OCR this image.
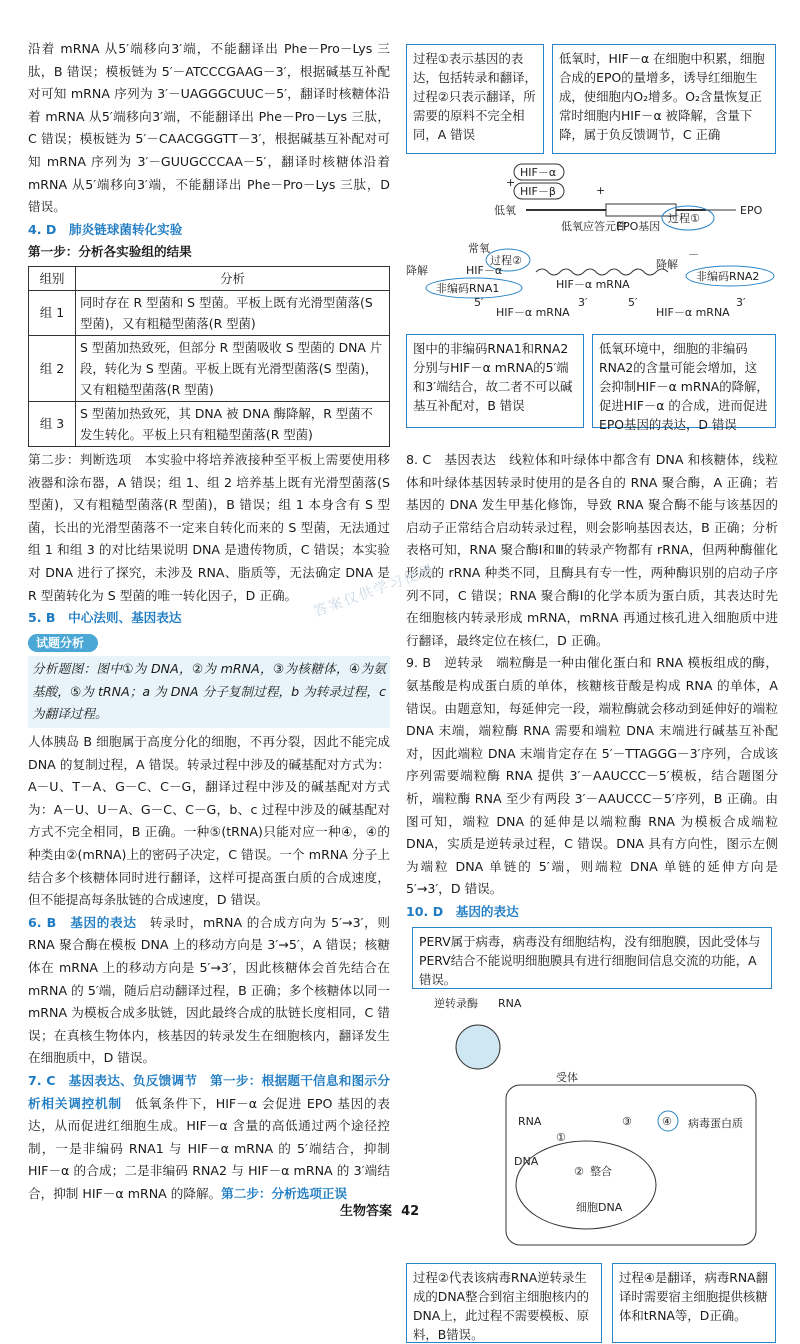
沿着 mRNA 从5′端移向3′端，不能翻译出 Phe－Pro－Lys 三肽，B 错误；模板链为 5′－ATCCCGAAG－3′，根据碱基互补配对可知 mRNA 序列为 3′－UAGGGCUUC－5′，翻译时核糖体沿着 mRNA 从5′端移向3′端，不能翻译出 Phe－Pro－Lys 三肽，C 错误；模板链为 5′－CAACGGGTT－3′，根据碱基互补配对可知 mRNA 序列为 3′－GUUGCCCAA－5′，翻译时核糖体沿着 mRNA 从5′端移向3′端，不能翻译出 Phe－Pro－Lys 三肽，D 错误。

4. D　肺炎链球菌转化实验

第一步：分析各实验组的结果

组别	分析
组 1	同时存在 R 型菌和 S 型菌。平板上既有光滑型菌落(S 型菌)，又有粗糙型菌落(R 型菌)
组 2	S 型菌加热致死，但部分 R 型菌吸收 S 型菌的 DNA 片段，转化为 S 型菌。平板上既有光滑型菌落(S 型菌)，又有粗糙型菌落(R 型菌)
组 3	S 型菌加热致死，其 DNA 被 DNA 酶降解，R 型菌不发生转化。平板上只有粗糙型菌落(R 型菌)

第二步：判断选项　本实验中将培养液接种至平板上需要使用移液器和涂布器，A 错误；组 1、组 2 培养基上既有光滑型菌落(S 型菌)，又有粗糙型菌落(R 型菌)，B 错误；组 1 本身含有 S 型菌，长出的光滑型菌落不一定来自转化而来的 S 型菌，无法通过组 1 和组 3 的对比结果说明 DNA 是遗传物质，C 错误；本实验对 DNA 进行了探究，未涉及 RNA、脂质等，无法确定 DNA 是 R 型菌转化为 S 型菌的唯一转化因子，D 正确。

5. B　中心法则、基因表达

试题分析

分析题图：图中①为 DNA，②为 mRNA，③为核糖体，④为氨基酸，⑤为 tRNA；a 为 DNA 分子复制过程，b 为转录过程，c 为翻译过程。

人体胰岛 B 细胞属于高度分化的细胞，不再分裂，因此不能完成 DNA 的复制过程，A 错误。转录过程中涉及的碱基配对方式为：A－U、T－A、G－C、C－G，翻译过程中涉及的碱基配对方式为：A－U、U－A、G－C、C－G，b、c 过程中涉及的碱基配对方式不完全相同，B 正确。一种⑤(tRNA)只能对应一种④，④的种类由②(mRNA)上的密码子决定，C 错误。一个 mRNA 分子上结合多个核糖体同时进行翻译，这样可提高蛋白质的合成速度，但不能提高每条肽链的合成速度，D 错误。

6. B　基因的表达　 转录时，mRNA 的合成方向为 5′→3′，则 RNA 聚合酶在模板 DNA 上的移动方向是 3′→5′，A 错误；核糖体在 mRNA 上的移动方向是 5′→3′，因此核糖体会首先结合在 mRNA 的 5′端，随后启动翻译过程，B 正确；多个核糖体以同一 mRNA 为模板合成多肽链，因此最终合成的肽链长度相同，C 错误；在真核生物体内，核基因的转录发生在细胞核内，翻译发生在细胞质中，D 错误。

7. C　基因表达、负反馈调节　第一步：根据题干信息和图示分析相关调控机制　 低氧条件下，HIF－α 会促进 EPO 基因的表达，从而促进红细胞生成。HIF－α 含量的高低通过两个途径控制，一是非编码 RNA1 与 HIF－α mRNA 的 5′端结合，抑制 HIF－α 的合成；二是非编码 RNA2 与 HIF－α mRNA 的 3′端结合，抑制 HIF－α mRNA 的降解。第二步：分析选项正误

过程①表示基因的表达，包括转录和翻译，过程②只表示翻译，所需要的原料不完全相同，A 错误
低氧时，HIF－α 在细胞中积累，细胞合成的EPO的量增多，诱导红细胞生成，使细胞内O₂增多。O₂含量恢复正常时细胞内HIF－α 被降解，含量下降，属于负反馈调节，C 正确
HIF－α
HIF－β
+
低氧
低氧应答元件
EPO基因
+
过程①
EPO
常氧
降解
过程②
HIF－α
非编码RNA1	HIF－α mRNA
降解
非编码RNA2
5′	3′	5′	3′
HIF－α mRNA	HIF－α mRNA
－
图中的非编码RNA1和RNA2分别与HIF－α mRNA的5′端和3′端结合，故二者不可以碱基互补配对，B 错误
低氧环境中，细胞的非编码RNA2的含量可能会增加，这会抑制HIF－α mRNA的降解，促进HIF－α 的合成，进而促进EPO基因的表达，D 错误

8. C　基因表达　线粒体和叶绿体中都含有 DNA 和核糖体，线粒体和叶绿体基因转录时使用的是各自的 RNA 聚合酶，A 正确；若基因的 DNA 发生甲基化修饰，导致 RNA 聚合酶不能与该基因的启动子正常结合启动转录过程，则会影响基因表达，B 正确；分析表格可知，RNA 聚合酶Ⅰ和Ⅲ的转录产物都有 rRNA，但两种酶催化形成的 rRNA 种类不同，且酶具有专一性，两种酶识别的启动子序列不同，C 错误；RNA 聚合酶Ⅰ的化学本质为蛋白质，其表达时先在细胞核内转录形成 mRNA，mRNA 再通过核孔进入细胞质中进行翻译，最终定位在核仁，D 正确。

9. B　逆转录　端粒酶是一种由催化蛋白和 RNA 模板组成的酶，氨基酸是构成蛋白质的单体，核糖核苷酸是构成 RNA 的单体，A 错误。由题意知，每延伸完一段，端粒酶就会移动到延伸好的端粒 DNA 末端，端粒酶 RNA 需要和端粒 DNA 末端进行碱基互补配对，因此端粒 DNA 末端肯定存在 5′－TTAGGG－3′序列，合成该序列需要端粒酶 RNA 提供 3′－AAUCCC－5′模板，结合题图分析，端粒酶 RNA 至少有两段 3′－AAUCCC－5′序列，B 正确。由图可知，端粒 DNA 的延伸是以端粒酶 RNA 为模板合成端粒 DNA，实质是逆转录过程，C 错误。DNA 具有方向性，图示左侧为端粒 DNA 单链的 5′端，则端粒 DNA 单链的延伸方向是 5′→3′，D 错误。

10. D　基因的表达

PERV属于病毒，病毒没有细胞结构，没有细胞膜，因此受体与PERV结合不能说明细胞膜具有进行细胞间信息交流的功能，A错误。
逆转录酶 RNA
受体
RNA
①
DNA
② 整合
③	④ 病毒蛋白质
细胞DNA
过程②代表该病毒RNA逆转录生成的DNA整合到宿主细胞核内的DNA上，此过程不需要模板、原料，B错误。
过程④是翻译，病毒RNA翻译时需要宿主细胞提供核糖体和tRNA等，D正确。
答案仅供学习使用
生物答案 42
